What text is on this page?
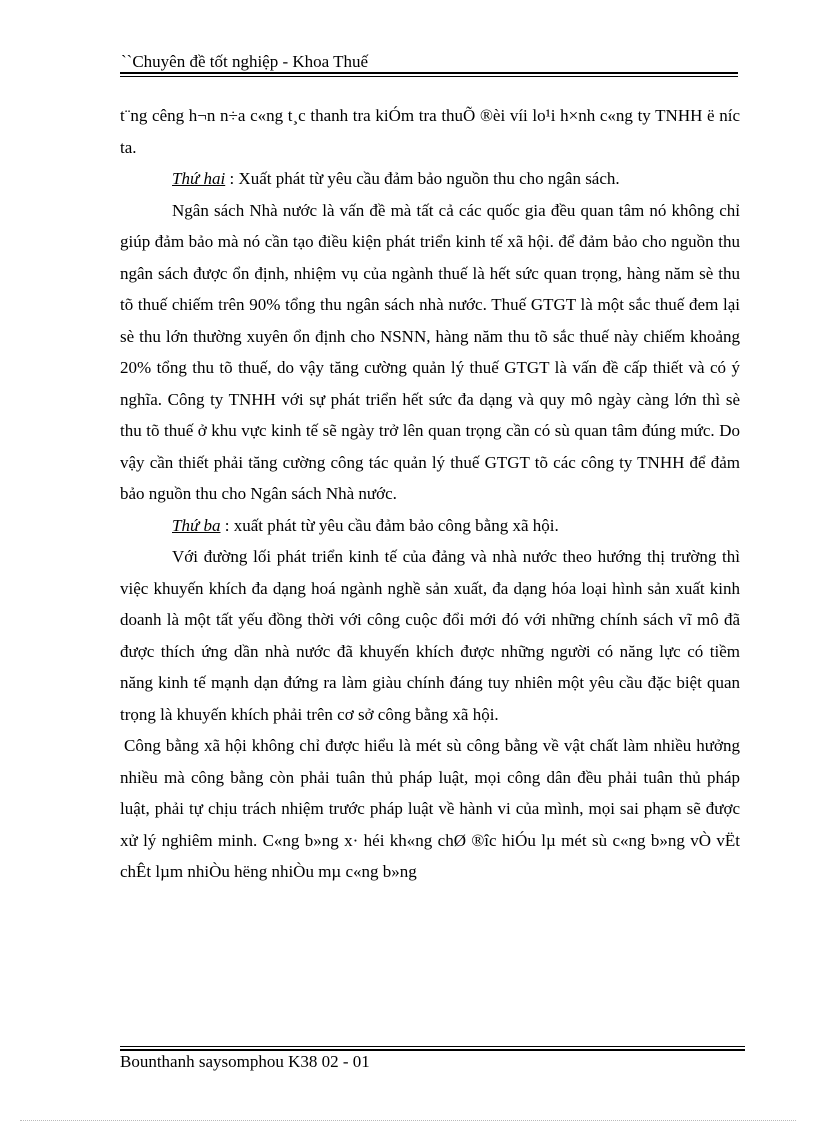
``Chuyên đề tốt nghiệp - Khoa Thuế

t¨ng cêng h¬n n÷a c«ng t¸c thanh tra kiÓm tra thuÕ ®èi víi lo¹i h×nh c«ng ty TNHH ë níc ta.

Thứ hai : Xuất phát từ yêu cầu đảm bảo nguồn thu cho ngân sách.

Ngân sách Nhà nước là vấn đề mà tất cả các quốc gia đều quan tâm nó không chỉ giúp đảm bảo mà nó cần tạo điều kiện phát triển kinh tế xã hội. để đảm bảo cho nguồn thu ngân sách được ổn định, nhiệm vụ của ngành thuế là hết sức quan trọng, hàng năm sè thu tõ thuế chiếm trên 90% tổng thu ngân sách nhà nước. Thuế GTGT là một sắc thuế đem lại sè thu lớn thường xuyên ổn định cho NSNN, hàng năm thu tõ sắc thuế này chiếm khoảng 20% tổng thu tõ thuế, do vậy tăng cường quản lý thuế GTGT là vấn đề cấp thiết và có ý nghĩa. Công ty TNHH với sự phát triển hết sức đa dạng và quy mô ngày càng lớn thì sè thu tõ thuế ở khu vực kinh tế sẽ ngày trở lên quan trọng cần có sù quan tâm đúng mức. Do vậy cần thiết phải tăng cường công tác quản lý thuế GTGT tõ các công ty TNHH để đảm bảo nguồn thu cho Ngân sách Nhà nước.

Thứ ba : xuất phát từ yêu cầu đảm bảo công bằng xã hội.

Với đường lối phát triển kinh tế của đảng và nhà nước theo hướng thị trường thì việc khuyến khích đa dạng hoá ngành nghề sản xuất, đa dạng hóa loại hình sản xuất kinh doanh là một tất yếu đồng thời với công cuộc đổi mới đó với những chính sách vĩ mô đã được thích ứng dần nhà nước đã khuyến khích được những người có năng lực có tiềm năng kinh tế mạnh dạn đứng ra làm giàu chính đáng tuy nhiên một yêu cầu đặc biệt quan trọng là khuyến khích phải trên cơ sở công bằng xã hội.

Công bằng xã hội không chỉ được hiểu là mét sù công bằng về vật chất làm nhiều hưởng nhiều mà công bằng còn phải tuân thủ pháp luật, mọi công dân đều phải tuân thủ pháp luật, phải tự chịu trách nhiệm trước pháp luật về hành vi của mình, mọi sai phạm sẽ được xử lý nghiêm minh. C«ng b»ng x· héi kh«ng chØ ®îc hiÓu lµ mét sù c«ng b»ng vÒ vËt chÊt lµm nhiÒu hëng nhiÒu mµ c«ng b»ng

Bounthanh saysomphou K38 02 - 01
